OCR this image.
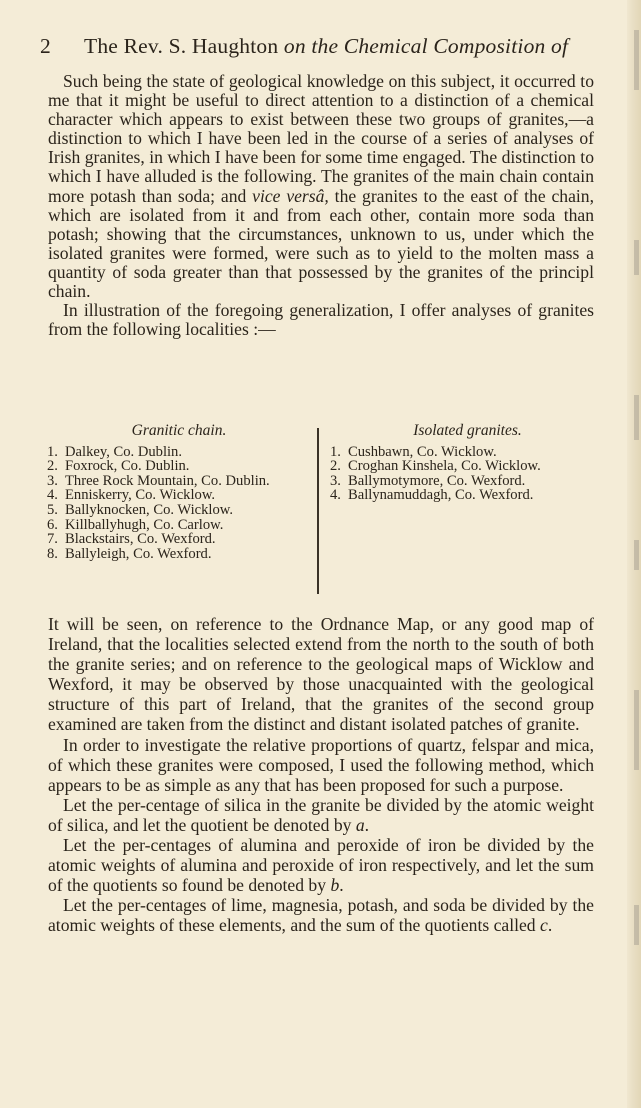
2 The Rev. S. Haughton on the Chemical Composition of

Such being the state of geological knowledge on this subject, it occurred to me that it might be useful to direct attention to a distinction of a chemical character which appears to exist between these two groups of granites,—a distinction to which I have been led in the course of a series of analyses of Irish granites, in which I have been for some time engaged. The distinction to which I have alluded is the following. The granites of the main chain contain more potash than soda; and vice versâ, the granites to the east of the chain, which are isolated from it and from each other, contain more soda than potash; showing that the circumstances, unknown to us, under which the isolated granites were formed, were such as to yield to the molten mass a quantity of soda greater than that possessed by the granites of the principl chain.

In illustration of the foregoing generalization, I offer analyses of granites from the following localities :—

Granitic chain.
1. Dalkey, Co. Dublin.
2. Foxrock, Co. Dublin.
3. Three Rock Mountain, Co. Dublin.
4. Enniskerry, Co. Wicklow.
5. Ballyknocken, Co. Wicklow.
6. Killballyhugh, Co. Carlow.
7. Blackstairs, Co. Wexford.
8. Ballyleigh, Co. Wexford.
Isolated granites.
1. Cushbawn, Co. Wicklow.
2. Croghan Kinshela, Co. Wicklow.
3. Ballymotymore, Co. Wexford.
4. Ballynamuddagh, Co. Wexford.

It will be seen, on reference to the Ordnance Map, or any good map of Ireland, that the localities selected extend from the north to the south of both the granite series; and on reference to the geological maps of Wicklow and Wexford, it may be observed by those unacquainted with the geological structure of this part of Ireland, that the granites of the second group examined are taken from the distinct and distant isolated patches of granite.

In order to investigate the relative proportions of quartz, felspar and mica, of which these granites were composed, I used the following method, which appears to be as simple as any that has been proposed for such a purpose.

Let the per-centage of silica in the granite be divided by the atomic weight of silica, and let the quotient be denoted by a.

Let the per-centages of alumina and peroxide of iron be divided by the atomic weights of alumina and peroxide of iron respectively, and let the sum of the quotients so found be denoted by b.

Let the per-centages of lime, magnesia, potash, and soda be divided by the atomic weights of these elements, and the sum of the quotients called c.
